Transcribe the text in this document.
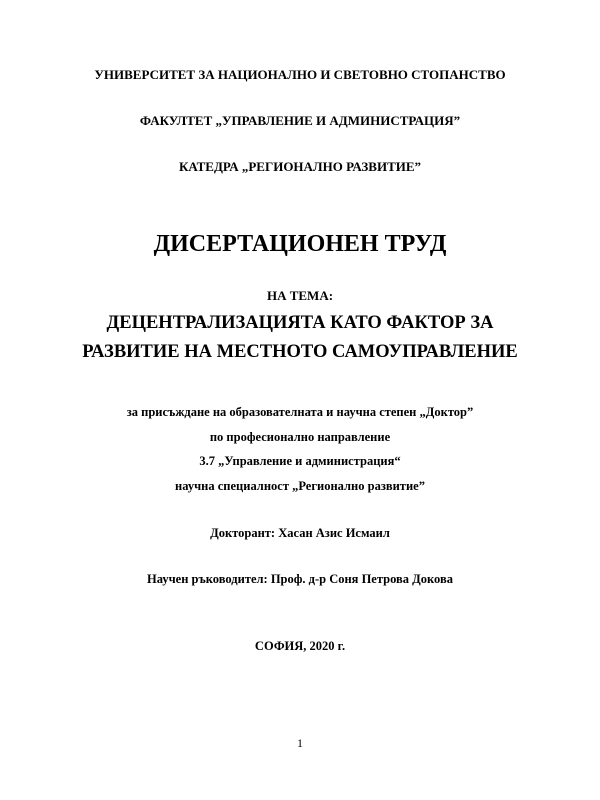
УНИВЕРСИТЕТ ЗА НАЦИОНАЛНО И СВЕТОВНО СТОПАНСТВО

ФАКУЛТЕТ „УПРАВЛЕНИЕ И АДМИНИСТРАЦИЯ”

КАТЕДРА „РЕГИОНАЛНО РАЗВИТИЕ”

ДИСЕРТАЦИОНЕН ТРУД

НА ТЕМА:

ДЕЦЕНТРАЛИЗАЦИЯТА КАТО ФАКТОР ЗА

РАЗВИТИЕ НА МЕСТНОТО САМОУПРАВЛЕНИЕ

за присъждане на образователната и научна степен „Доктор”

по професионално направление

3.7 „Управление и администрация“

научна специалност „Регионално развитие”

Докторант: Хасан Азис Исмаил

Научен ръководител: Проф. д-р Соня Петрова Докова

СОФИЯ, 2020 г.

1
